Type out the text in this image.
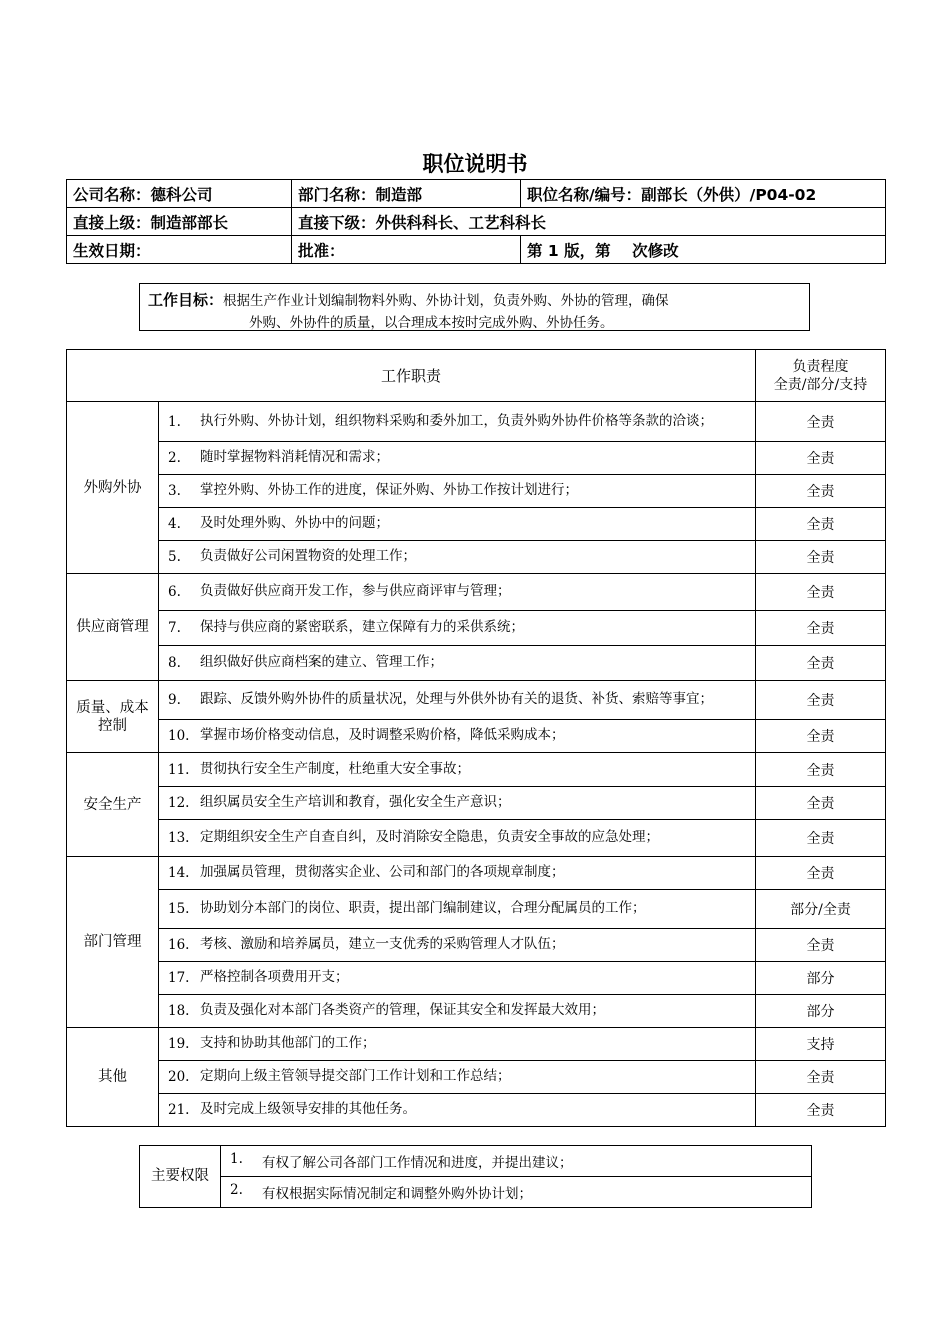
职位说明书
公司名称：德科公司	部门名称：制造部	职位名称/编号：副部长（外供）/P04-02
直接上级：制造部部长	直接下级：外供科科长、工艺科科长	
生效日期：	批准：	第 1 版，第    次修改
工作目标：根据生产作业计划编制物料外购、外协计划，负责外购、外协的管理，确保
外购、外协件的质量，以合理成本按时完成外购、外协任务。
工作职责		负责程度
全责/部分/支持
外购外协	1. 执行外购、外协计划，组织物料采购和委外加工，负责外购外协件价格等条款的洽谈；	全责
	2. 随时掌握物料消耗情况和需求；	全责
	3. 掌控外购、外协工作的进度，保证外购、外协工作按计划进行；	全责
	4. 及时处理外购、外协中的问题；	全责
	5. 负责做好公司闲置物资的处理工作；	全责
供应商管理	6. 负责做好供应商开发工作，参与供应商评审与管理；	全责
	7. 保持与供应商的紧密联系，建立保障有力的采供系统；	全责
	8. 组织做好供应商档案的建立、管理工作；	全责
质量、成本控制	9. 跟踪、反馈外购外协件的质量状况，处理与外供外协有关的退货、补货、索赔等事宜；	全责
	10. 掌握市场价格变动信息，及时调整采购价格，降低采购成本；	全责
安全生产	11. 贯彻执行安全生产制度，杜绝重大安全事故；	全责
	12. 组织属员安全生产培训和教育，强化安全生产意识；	全责
	13. 定期组织安全生产自查自纠，及时消除安全隐患，负责安全事故的应急处理；	全责
部门管理	14. 加强属员管理，贯彻落实企业、公司和部门的各项规章制度；	全责
	15. 协助划分本部门的岗位、职责，提出部门编制建议，合理分配属员的工作；	部分/全责
	16. 考核、激励和培养属员，建立一支优秀的采购管理人才队伍；	全责
	17. 严格控制各项费用开支；	部分
	18. 负责及强化对本部门各类资产的管理，保证其安全和发挥最大效用；	部分
其他	19. 支持和协助其他部门的工作；	支持
	20. 定期向上级主管领导提交部门工作计划和工作总结；	全责
	21. 及时完成上级领导安排的其他任务。	全责
主要权限	1. 有权了解公司各部门工作情况和进度，并提出建议；
2. 有权根据实际情况制定和调整外购外协计划；
